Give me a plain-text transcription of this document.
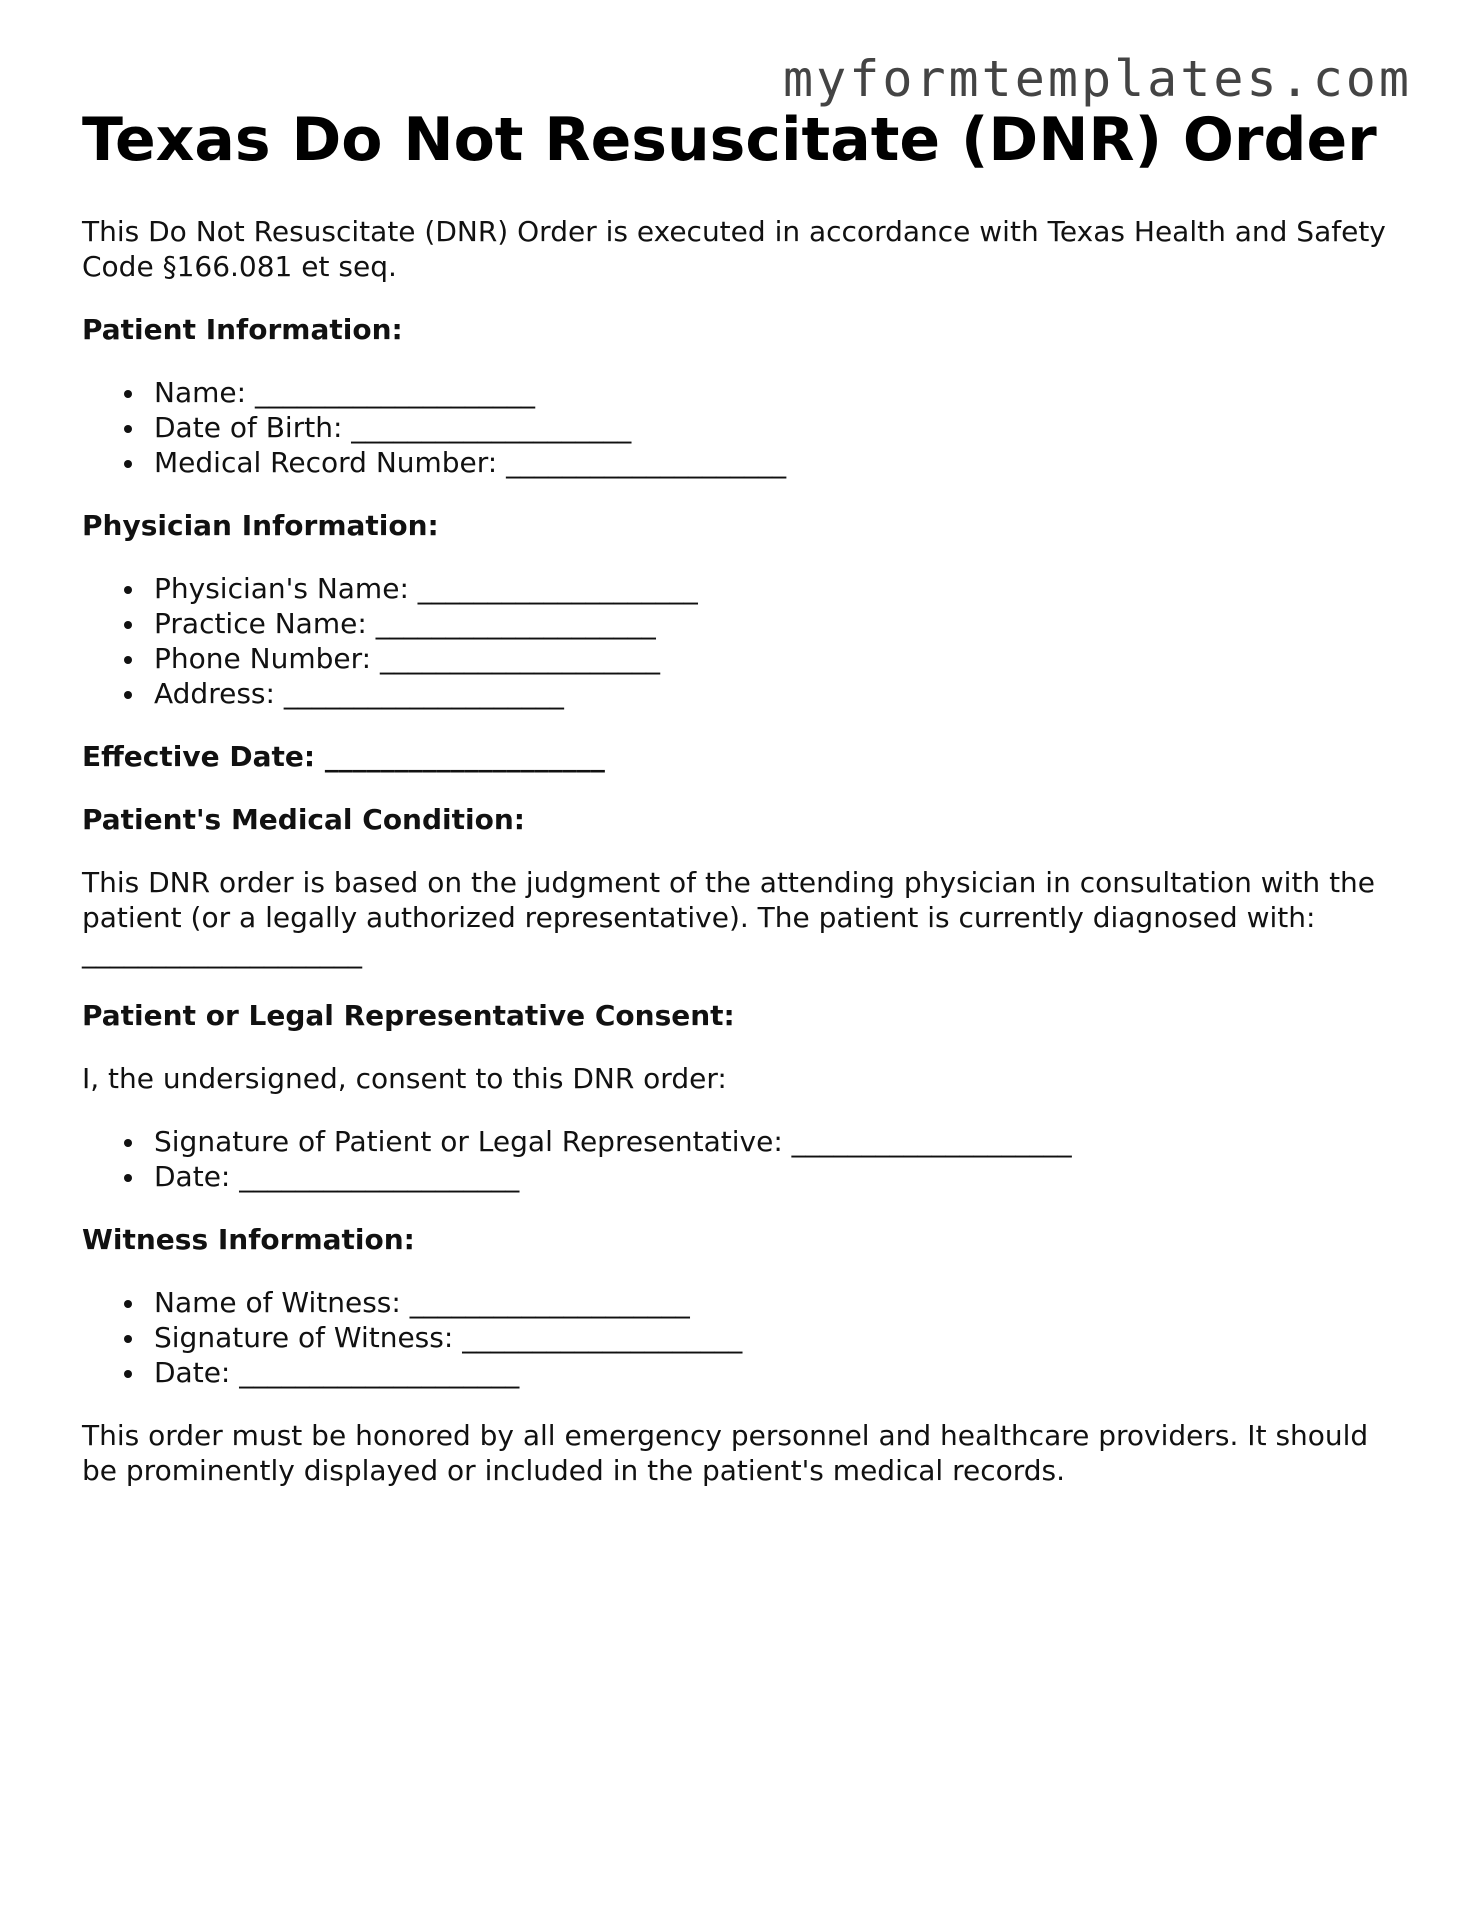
myformtemplates.com
Texas Do Not Resuscitate (DNR) Order

This Do Not Resuscitate (DNR) Order is executed in accordance with Texas Health and Safety Code §166.081 et seq.

Patient Information:

Name: ____________________
Date of Birth: ____________________
Medical Record Number: ____________________

Physician Information:

Physician's Name: ____________________
Practice Name: ____________________
Phone Number: ____________________
Address: ____________________

Effective Date: ____________________

Patient's Medical Condition:

This DNR order is based on the judgment of the attending physician in consultation with the patient (or a legally authorized representative). The patient is currently diagnosed with: ____________________

Patient or Legal Representative Consent:

I, the undersigned, consent to this DNR order:

Signature of Patient or Legal Representative: ____________________
Date: ____________________

Witness Information:

Name of Witness: ____________________
Signature of Witness: ____________________
Date: ____________________

This order must be honored by all emergency personnel and healthcare providers. It should be prominently displayed or included in the patient's medical records.
